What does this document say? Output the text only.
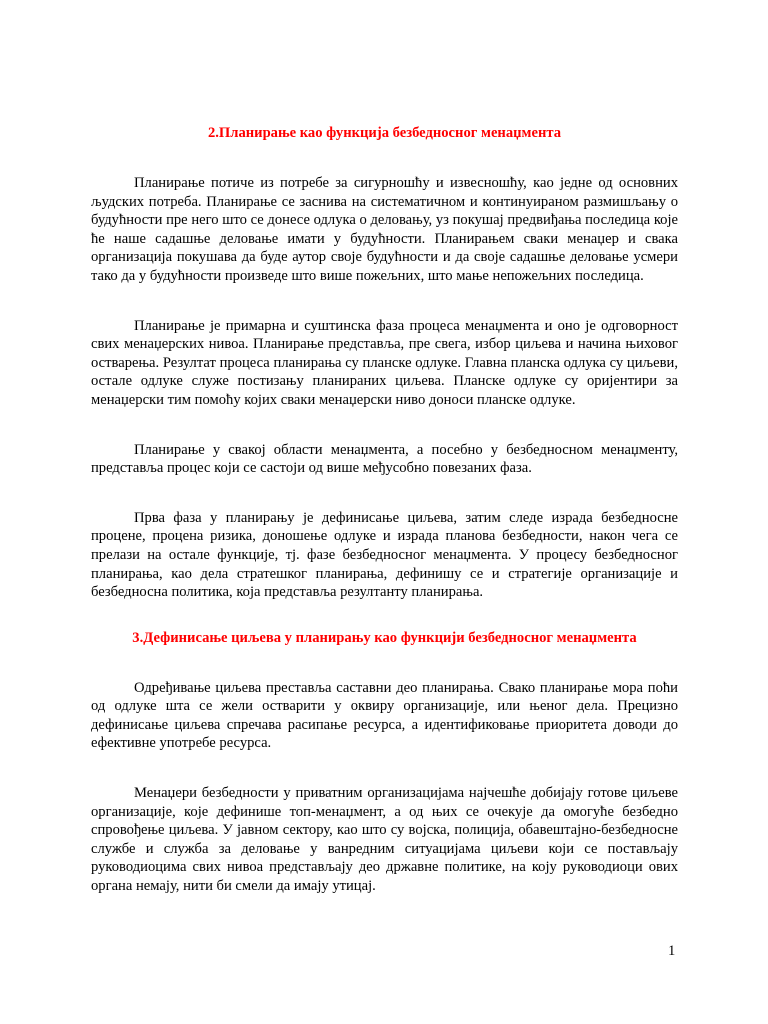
2.Планирање као функција безбедносног менаџмента

Планирање потиче из потребе за сигурношћу и извесношћу, као једне од основних људских потреба. Планирање се заснива на систематичном и континуираном размишљању о будућности пре него што се донесе одлука о деловању, уз покушај предвиђања последица које ће наше садашње деловање имати у будућности. Планирањем сваки менаџер и свака организација покушава да буде аутор своје будућности и да своје садашње деловање усмери тако да у будућности произведе што више пожељних, што мање непожељних последица.

Планирање је примарна и суштинска фаза процеса менаџмента и оно је одговорност свих менаџерских нивоа. Планирање представља, пре свега, избор циљева и начина њиховог остварења. Резултат процеса планирањa су планске одлуке. Главна планска одлука су циљеви, остале одлуке служе постизању планираних циљева. Планске одлуке су оријентири за менаџерски тим помоћу којих сваки менаџерски ниво доноси планске одлуке.

Планирање у свакој области менаџмента, а посебно у безбедносном менаџменту, представља процес који се састоји од више међусобно повезаних фаза.

Прва фаза у планирању је дефинисање циљева, затим следе израда безбедносне процене, процена ризика, доношење одлуке и израда планова безбедности, након чега се прелази на остале функције, тј. фазе безбедносног менаџмента. У процесу безбедносног планирања, као дела стратешког планирања, дефинишу се и стратегије организације и безбедносна политика, која представља резултанту планирања.

3.Дефинисање циљева у планирању као функцији безбедносног менаџмента

Одређивање циљева преставља саставни део планирања. Свако планирање мора поћи од одлуке шта се жели остварити у оквиру организације, или њеног дела. Прецизно дефинисање циљева спречава расипање ресурса, а идентификовање приоритета доводи до ефективне употребе ресурса.

Менаџери безбедности у приватним организацијама најчешће добијају готове циљеве организације, које дефинише топ-менаџмент, а од њих се очекује да омогуће безбедно спровођење циљева. У јавном сектору, као што су војска, полиција, обавештајно-безбедносне службе и служба за деловање у ванредним ситуацијама циљеви који се постављају руководиоцима свих нивоа представљају део државне политике, на коју руководиоци ових органа немају, нити би смели да имају утицај.

1
